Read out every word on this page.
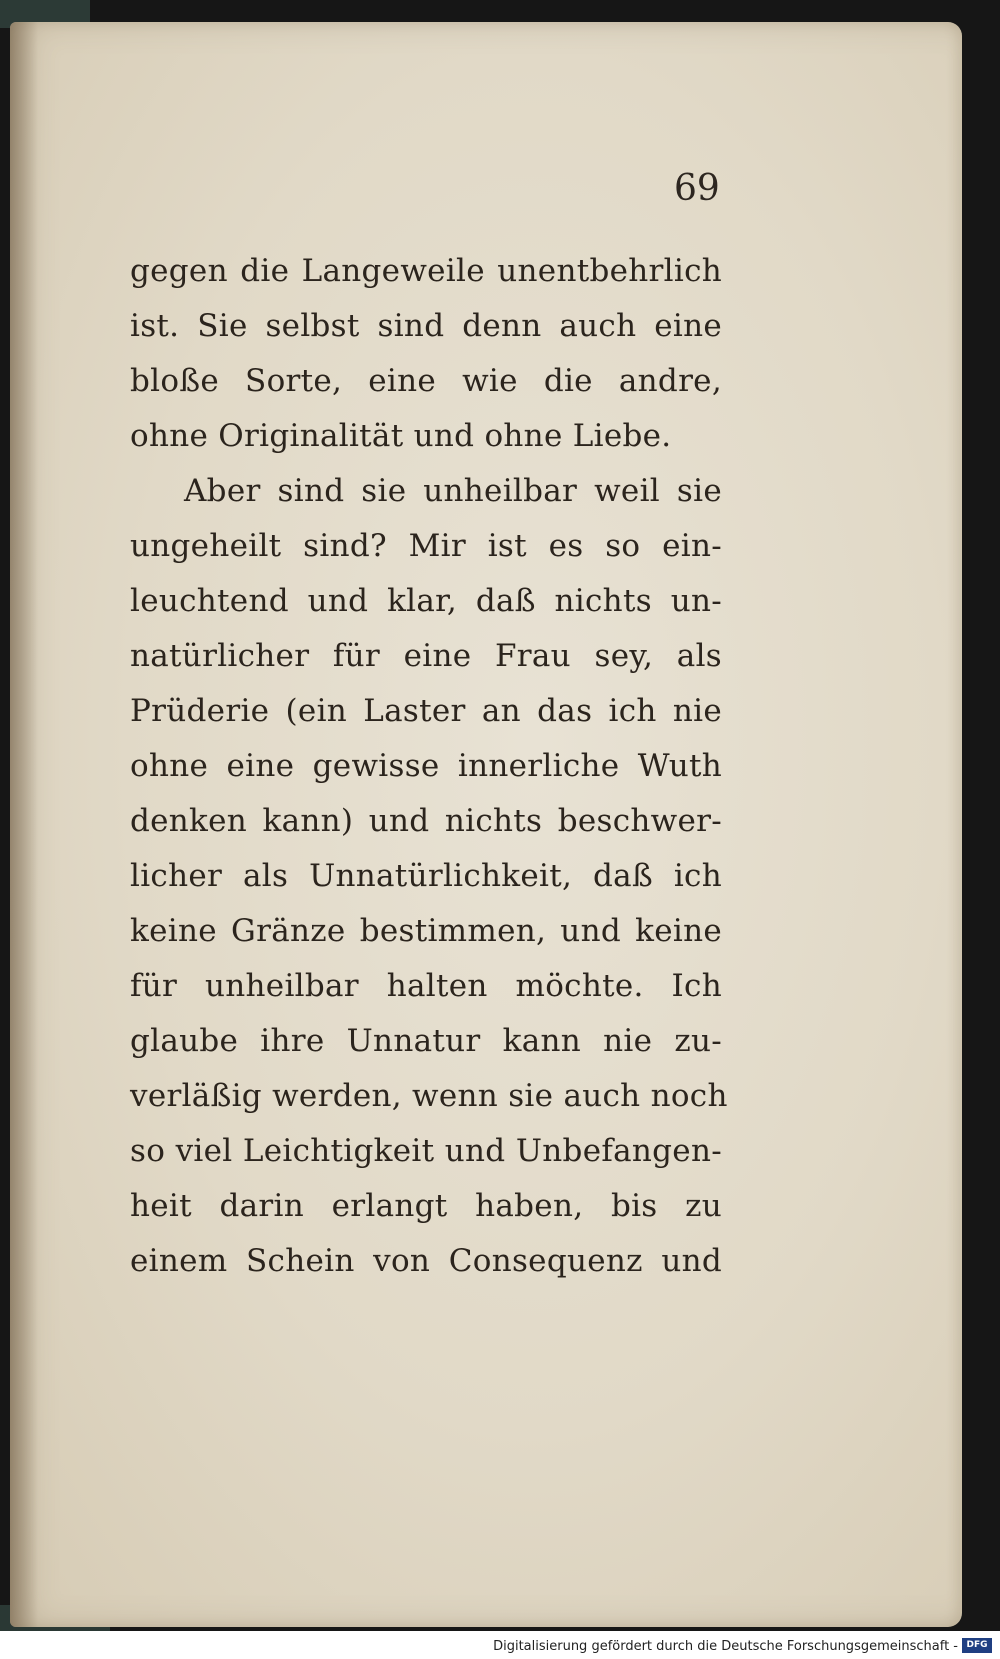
69
gegen die Langeweile unentbehrlich
ist. Sie selbst sind denn auch eine
bloße Sorte, eine wie die andre,
ohne Originalität und ohne Liebe.
Aber sind sie unheilbar weil sie
ungeheilt sind? Mir ist es so ein-
leuchtend und klar, daß nichts un-
natürlicher für eine Frau sey, als
Prüderie (ein Laster an das ich nie
ohne eine gewisse innerliche Wuth
denken kann) und nichts beschwer-
licher als Unnatürlichkeit, daß ich
keine Gränze bestimmen, und keine
für unheilbar halten möchte. Ich
glaube ihre Unnatur kann nie zu-
verläßig werden, wenn sie auch noch
so viel Leichtigkeit und Unbefangen-
heit darin erlangt haben, bis zu
einem Schein von Consequenz und
Digitalisierung gefördert durch die Deutsche Forschungsgemeinschaft - DFG
